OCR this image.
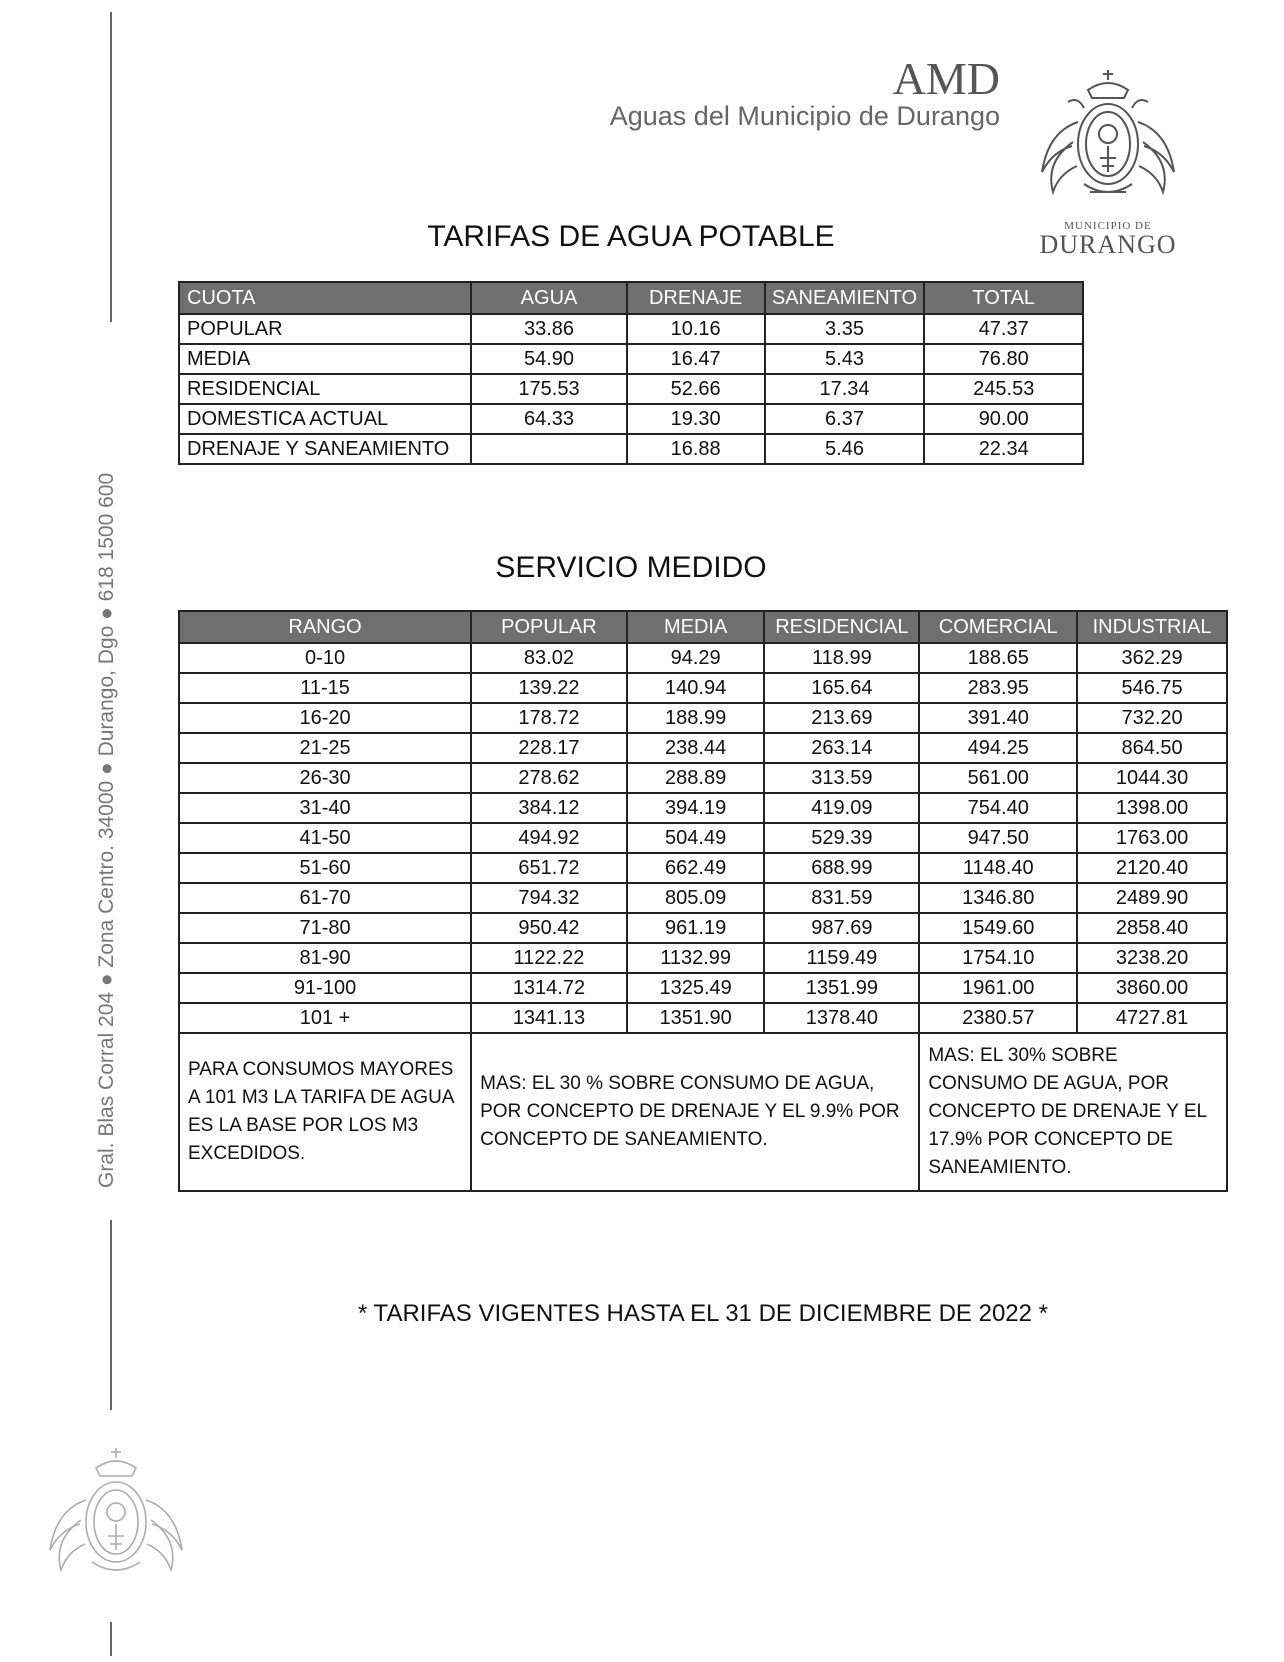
Gral. Blas Corral 204 ● Zona Centro. 34000 ● Durango, Dgo ● 618 1500 600
AMD
Aguas del Municipio de Durango
MUNICIPIO DE
DURANGO
TARIFAS DE AGUA POTABLE
CUOTA	AGUA	DRENAJE	SANEAMIENTO	TOTAL
POPULAR	33.86	10.16	3.35	47.37
MEDIA	54.90	16.47	5.43	76.80
RESIDENCIAL	175.53	52.66	17.34	245.53
DOMESTICA ACTUAL	64.33	19.30	6.37	90.00
DRENAJE Y SANEAMIENTO		16.88	5.46	22.34
SERVICIO MEDIDO
RANGO	POPULAR	MEDIA	RESIDENCIAL	COMERCIAL	INDUSTRIAL
0-10	83.02	94.29	118.99	188.65	362.29
11-15	139.22	140.94	165.64	283.95	546.75
16-20	178.72	188.99	213.69	391.40	732.20
21-25	228.17	238.44	263.14	494.25	864.50
26-30	278.62	288.89	313.59	561.00	1044.30
31-40	384.12	394.19	419.09	754.40	1398.00
41-50	494.92	504.49	529.39	947.50	1763.00
51-60	651.72	662.49	688.99	1148.40	2120.40
61-70	794.32	805.09	831.59	1346.80	2489.90
71-80	950.42	961.19	987.69	1549.60	2858.40
81-90	1122.22	1132.99	1159.49	1754.10	3238.20
91-100	1314.72	1325.49	1351.99	1961.00	3860.00
101 +	1341.13	1351.90	1378.40	2380.57	4727.81
PARA CONSUMOS MAYORES A 101 M3 LA TARIFA DE AGUA ES LA BASE POR LOS M3 EXCEDIDOS.	MAS: EL 30 % SOBRE CONSUMO DE AGUA, POR CONCEPTO DE DRENAJE Y EL 9.9% POR CONCEPTO DE SANEAMIENTO.			MAS: EL 30% SOBRE CONSUMO DE AGUA, POR CONCEPTO DE DRENAJE Y EL 17.9% POR CONCEPTO DE SANEAMIENTO.	
* TARIFAS VIGENTES HASTA EL 31 DE DICIEMBRE DE 2022 *
